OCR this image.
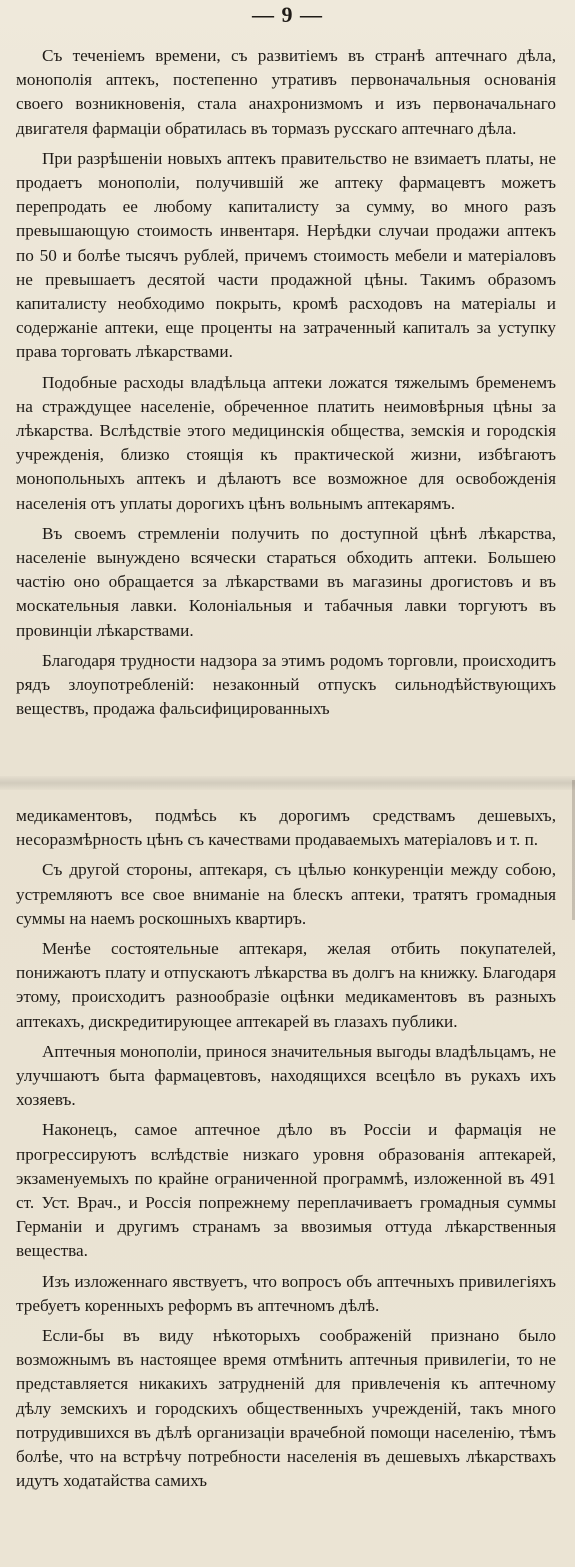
— 9 —

Съ теченіемъ времени, съ развитіемъ въ странѣ аптечнаго дѣла, монополія аптекъ, постепенно утративъ первоначальныя основанія своего возникновенія, стала анахронизмомъ и изъ первоначальнаго двигателя фармаціи обратилась въ тормазъ русскаго аптечнаго дѣла.

При разрѣшеніи новыхъ аптекъ правительство не взимаетъ платы, не продаетъ монополіи, получившій же аптеку фармацевтъ можетъ перепродать ее любому капиталисту за сумму, во много разъ превышающую стоимость инвентаря. Нерѣдки случаи продажи аптекъ по 50 и болѣе тысячъ рублей, причемъ стоимость мебели и матеріаловъ не превышаетъ десятой части продажной цѣны. Такимъ образомъ капиталисту необходимо покрыть, кромѣ расходовъ на матеріалы и содержаніе аптеки, еще проценты на затраченный капиталъ за уступку права торговать лѣкарствами.

Подобные расходы владѣльца аптеки ложатся тяжелымъ бременемъ на страждущее населеніе, обреченное платить неимовѣрныя цѣны за лѣкарства. Вслѣдствіе этого медицинскія общества, земскія и городскія учрежденія, близко стоящія къ практической жизни, избѣгаютъ монопольныхъ аптекъ и дѣлаютъ все возможное для освобожденія населенія отъ уплаты дорогихъ цѣнъ вольнымъ аптекарямъ.

Въ своемъ стремленіи получить по доступной цѣнѣ лѣкарства, населеніе вынуждено всячески стараться обходить аптеки. Большею частію оно обращается за лѣкарствами въ магазины дрогистовъ и въ москательныя лавки. Колоніальныя и табачныя лавки торгуютъ въ провинціи лѣкарствами.

Благодаря трудности надзора за этимъ родомъ торговли, происходитъ рядъ злоупотребленій: незаконный отпускъ сильнодѣйствующихъ веществъ, продажа фальсифицированныхъ

медикаментовъ, подмѣсь къ дорогимъ средствамъ дешевыхъ, несоразмѣрность цѣнъ съ качествами продаваемыхъ матеріаловъ и т. п.

Съ другой стороны, аптекаря, съ цѣлью конкуренціи между собою, устремляютъ все свое вниманіе на блескъ аптеки, тратятъ громадныя суммы на наемъ роскошныхъ квартиръ.

Менѣе состоятельные аптекаря, желая отбить покупателей, понижаютъ плату и отпускаютъ лѣкарства въ долгъ на книжку. Благодаря этому, происходитъ разнообразіе оцѣнки медикаментовъ въ разныхъ аптекахъ, дискредитирующее аптекарей въ глазахъ публики.

Аптечныя монополіи, принося значительныя выгоды владѣльцамъ, не улучшаютъ быта фармацевтовъ, находящихся всецѣло въ рукахъ ихъ хозяевъ.

Наконецъ, самое аптечное дѣло въ Россіи и фармація не прогрессируютъ вслѣдствіе низкаго уровня образованія аптекарей, экзаменуемыхъ по крайне ограниченной программѣ, изложенной въ 491 ст. Уст. Врач., и Россія попрежнему переплачиваетъ громадныя суммы Германіи и другимъ странамъ за ввозимыя оттуда лѣкарственныя вещества.

Изъ изложеннаго явствуетъ, что вопросъ объ аптечныхъ привилегіяхъ требуетъ коренныхъ реформъ въ аптечномъ дѣлѣ.

Если-бы въ виду нѣкоторыхъ соображеній признано было возможнымъ въ настоящее время отмѣнить аптечныя привилегіи, то не представляется никакихъ затрудненій для привлеченія къ аптечному дѣлу земскихъ и городскихъ общественныхъ учрежденій, такъ много потрудившихся въ дѣлѣ организаціи врачебной помощи населенію, тѣмъ болѣе, что на встрѣчу потребности населенія въ дешевыхъ лѣкарствахъ идутъ ходатайства самихъ
